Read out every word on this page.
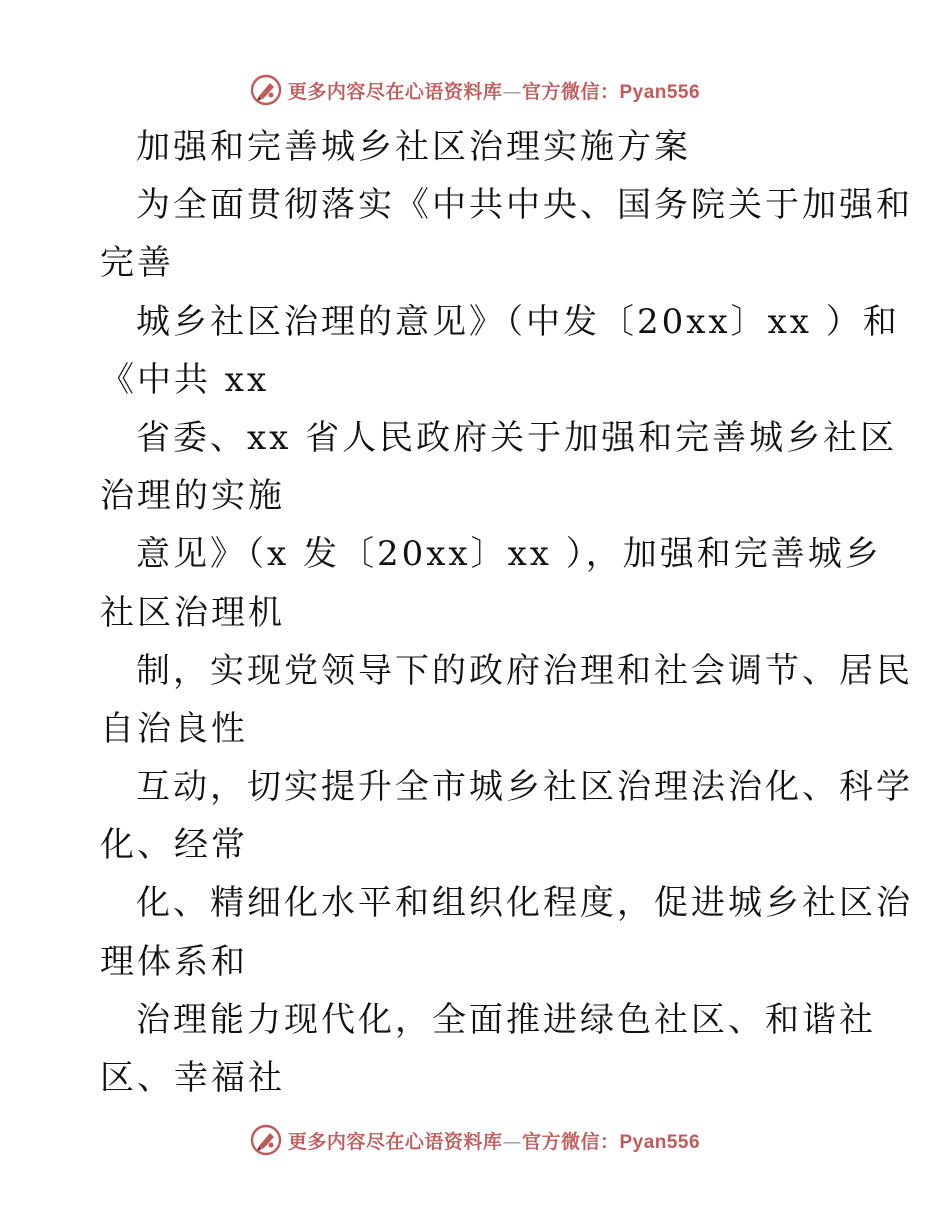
更多内容尽在心语资料库—官方微信：Pyan556
加强和完善城乡社区治理实施方案
为全面贯彻落实《中共中央、国务院关于加强和
完善
城乡社区治理的意见》（中发〔20xx〕xx ）和
《中共 xx
省委、xx 省人民政府关于加强和完善城乡社区
治理的实施
意见》（x 发〔20xx〕xx ），加强和完善城乡
社区治理机
制，实现党领导下的政府治理和社会调节、居民
自治良性
互动，切实提升全市城乡社区治理法治化、科学
化、经常
化、精细化水平和组织化程度，促进城乡社区治
理体系和
治理能力现代化，全面推进绿色社区、和谐社
区、幸福社
更多内容尽在心语资料库—官方微信：Pyan556
